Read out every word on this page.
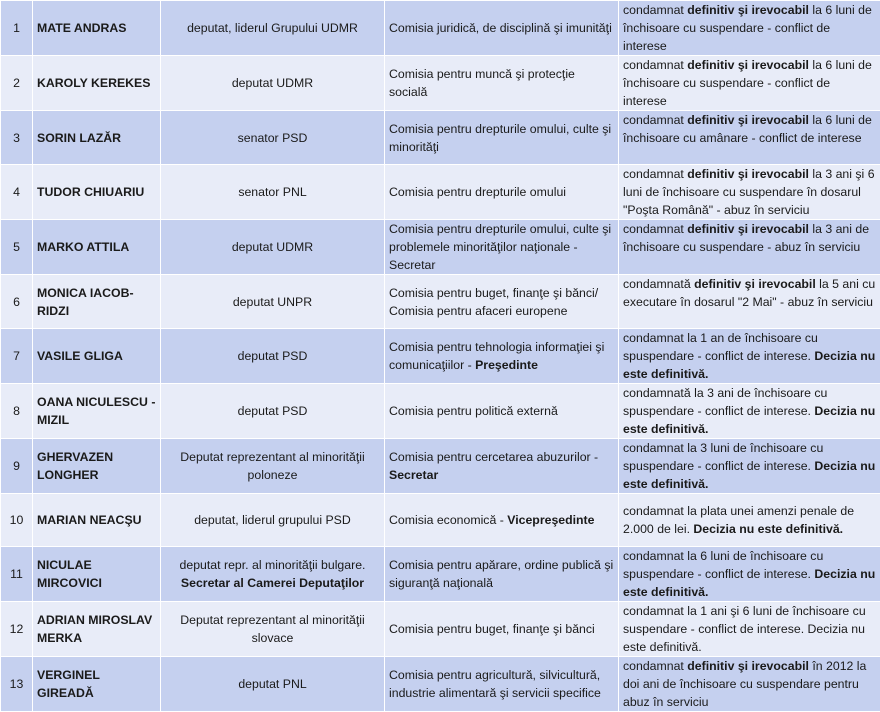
1	MATE ANDRAS	deputat, liderul Grupului UDMR	Comisia juridică, de disciplină şi imunităţi	condamnat definitiv şi irevocabil la 6 luni de închisoare cu suspendare - conflict de interese
2	KAROLY KEREKES	deputat UDMR	Comisia pentru muncă şi protecţie socială	condamnat definitiv şi irevocabil la 6 luni de închisoare cu suspendare - conflict de interese
3	SORIN LAZĂR	senator PSD	Comisia pentru drepturile omului, culte şi minorităţi	condamnat definitiv şi irevocabil la 6 luni de închisoare cu amânare - conflict de interese
4	TUDOR CHIUARIU	senator PNL	Comisia pentru drepturile omului	condamnat definitiv şi irevocabil la 3 ani şi 6 luni de închisoare cu suspendare în dosarul "Poşta Română" - abuz în serviciu
5	MARKO ATTILA	deputat UDMR	Comisia pentru drepturile omului, culte şi problemele minorităţilor naţionale - Secretar	condamnat definitiv şi irevocabil la 3 ani de închisoare cu suspendare - abuz în serviciu
6	MONICA IACOB-RIDZI	deputat UNPR	Comisia pentru buget, finanţe şi bănci/ Comisia pentru afaceri europene	condamnată definitiv şi irevocabil la 5 ani cu executare în dosarul "2 Mai" - abuz în serviciu
7	VASILE GLIGA	deputat PSD	Comisia pentru tehnologia informaţiei şi comunicaţiilor - Preşedinte	condamnat la 1 an de închisoare cu spuspendare - conflict de interese. Decizia nu este definitivă.
8	OANA NICULESCU - MIZIL	deputat PSD	Comisia pentru politică externă	condamnată la 3 ani de închisoare cu spuspendare - conflict de interese. Decizia nu este definitivă.
9	GHERVAZEN LONGHER	Deputat reprezentant al minorităţii poloneze	Comisia pentru cercetarea abuzurilor - Secretar	condamnat la 3 luni de închisoare cu spuspendare - conflict de interese. Decizia nu este definitivă.
10	MARIAN NEACŞU	deputat, liderul grupului PSD	Comisia economică - Vicepreşedinte	condamnat la plata unei amenzi penale de 2.000 de lei. Decizia nu este definitivă.
11	NICULAE MIRCOVICI	deputat repr. al minorităţii bulgare. Secretar al Camerei Deputaţilor	Comisia pentru apărare, ordine publică şi siguranţă naţională	condamnat la 6 luni de închisoare cu spuspendare - conflict de interese. Decizia nu este definitivă.
12	ADRIAN MIROSLAV MERKA	Deputat reprezentant al minorităţii slovace	Comisia pentru buget, finanţe şi bănci	condamnat la 1 ani şi 6 luni de închisoare cu suspendare - conflict de interese. Decizia nu este definitivă.
13	VERGINEL GIREADĂ	deputat PNL	Comisia pentru agricultură, silvicultură, industrie alimentară şi servicii specifice	condamnat definitiv şi irevocabil în 2012 la doi ani de închisoare cu suspendare pentru abuz în serviciu
